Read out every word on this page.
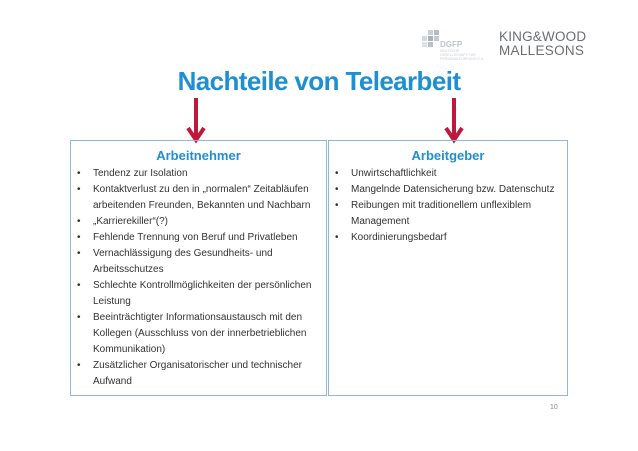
DGFP
DEUTSCHE GESELLSCHAFT FÜR PERSONALFÜHRUNG E.V.
KING&WOOD
MALLESONS
Nachteile von Telearbeit
Arbeitnehmer
• Tendenz zur Isolation
• Kontaktverlust zu den in „normalen“ Zeitabläufen arbeitenden Freunden, Bekannten und Nachbarn
• „Karrierekiller“(?)
• Fehlende Trennung von Beruf und Privatleben
• Vernachlässigung des Gesundheits- und Arbeitsschutzes
• Schlechte Kontrollmöglichkeiten der persönlichen Leistung
• Beeinträchtigter Informationsaustausch mit den Kollegen (Ausschluss von der innerbetrieblichen Kommunikation)
• Zusätzlicher Organisatorischer und technischer Aufwand
Arbeitgeber
• Unwirtschaftlichkeit
• Mangelnde Datensicherung bzw. Datenschutz
• Reibungen mit traditionellem unflexiblem Management
• Koordinierungsbedarf
10
